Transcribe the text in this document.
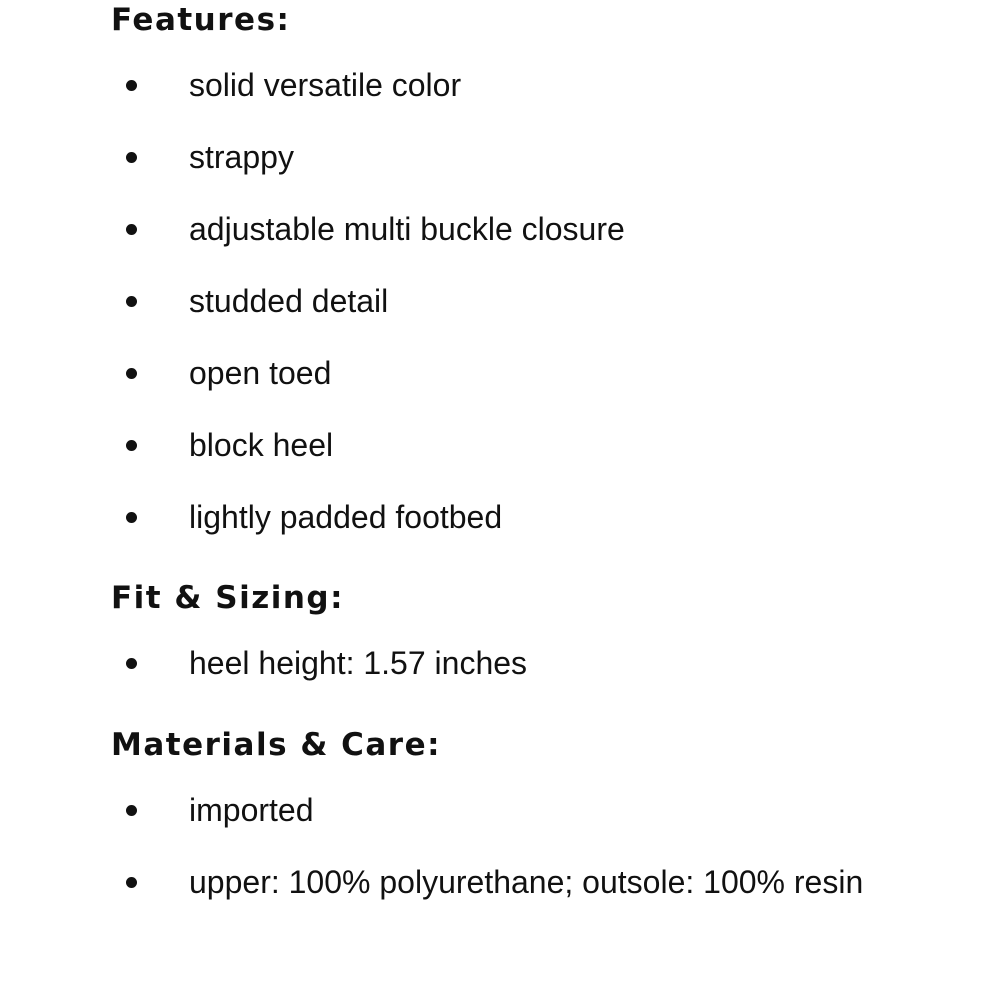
Features:
solid versatile color
strappy
adjustable multi buckle closure
studded detail
open toed
block heel
lightly padded footbed
Fit & Sizing:
heel height: 1.57 inches
Materials & Care:
imported
upper: 100% polyurethane; outsole: 100% resin
